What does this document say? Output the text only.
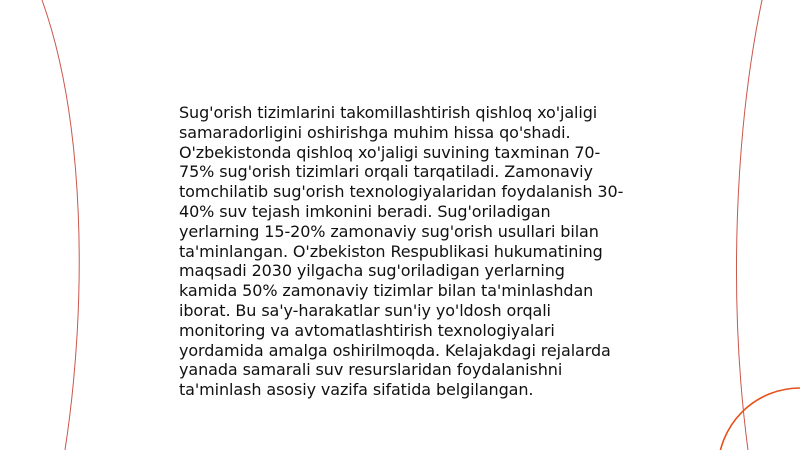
Sug'orish tizimlarini takomillashtirish qishloq xo'jaligi samaradorligini oshirishga muhim hissa qo'shadi. O'zbekistonda qishloq xo'jaligi suvining taxminan 70-75% sug'orish tizimlari orqali tarqatiladi. Zamonaviy tomchilatib sug'orish texnologiyalaridan foydalanish 30-40% suv tejash imkonini beradi. Sug'oriladigan yerlarning 15-20% zamonaviy sug'orish usullari bilan ta'minlangan. O'zbekiston Respublikasi hukumatining maqsadi 2030 yilgacha sug'oriladigan yerlarning kamida 50% zamonaviy tizimlar bilan ta'minlashdan iborat. Bu sa'y-harakatlar sun'iy yo'ldosh orqali monitoring va avtomatlashtirish texnologiyalari yordamida amalga oshirilmoqda. Kelajakdagi rejalarda yanada samarali suv resurslaridan foydalanishni ta'minlash asosiy vazifa sifatida belgilangan.
